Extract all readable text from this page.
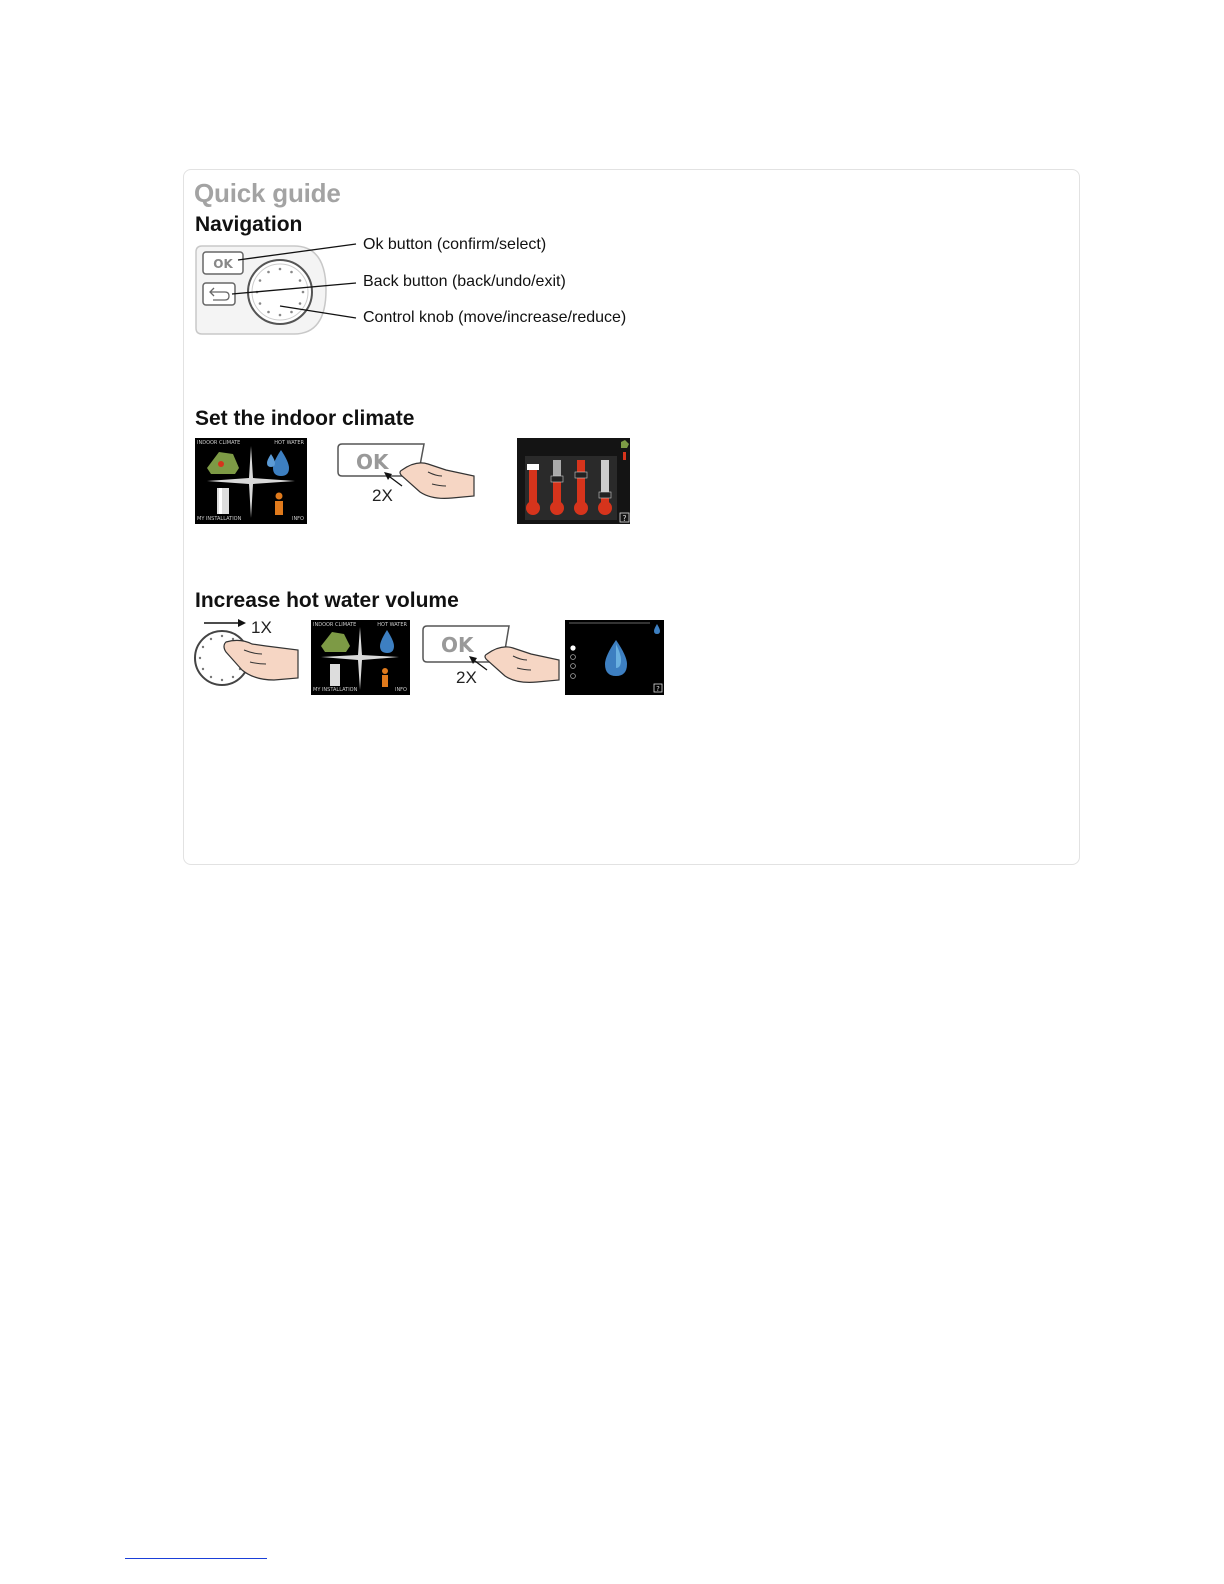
Quick guide
Navigation
OK
Ok button (confirm/select)
Back button (back/undo/exit)
Control knob (move/increase/reduce)
Set the indoor climate
INDOOR CLIMATE	HOT WATER
MY INSTALLATION	INFO
OK
2X
?
Increase hot water volume
1X	INDOOR CLIMATE	HOT WATER
MY INSTALLATION	INFO
OK
2X
?
